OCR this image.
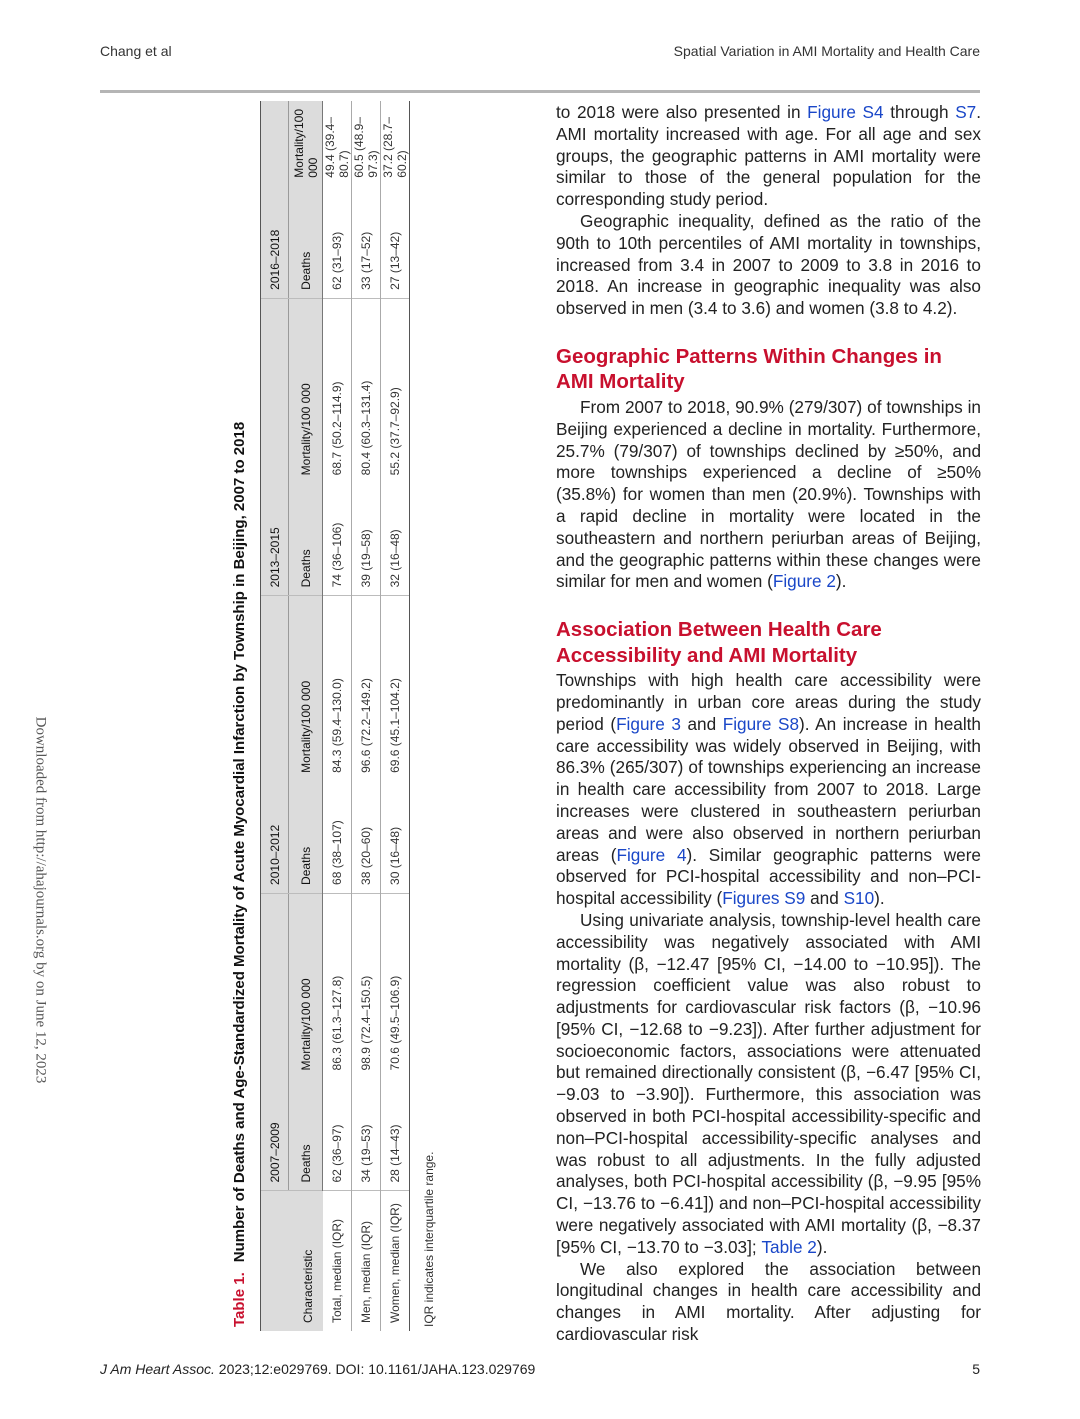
Chang et al	Spatial Variation in AMI Mortality and Health Care
Downloaded from http://ahajournals.org by on June 12, 2023
Table 1.Number of Deaths and Age-Standardized Mortality of Acute Myocardial Infarction by Township in Beijing, 2007 to 2018
Characteristic	2007–2009		2010–2012		2013–2015		2016–2018	
	Deaths	Mortality/100 000	Deaths	Mortality/100 000	Deaths	Mortality/100 000	Deaths	Mortality/100 000
Total, median (IQR)	62 (36–97)	86.3 (61.3–127.8)	68 (38–107)	84.3 (59.4–130.0)	74 (36–106)	68.7 (50.2–114.9)	62 (31–93)	49.4 (39.4–80.7)
Men, median (IQR)	34 (19–53)	98.9 (72.4–150.5)	38 (20–60)	96.6 (72.2–149.2)	39 (19–58)	80.4 (60.3–131.4)	33 (17–52)	60.5 (48.9–97.3)
Women, median (IQR)	28 (14–43)	70.6 (49.5–106.9)	30 (16–48)	69.6 (45.1–104.2)	32 (16–48)	55.2 (37.7–92.9)	27 (13–42)	37.2 (28.7–60.2)
IQR indicates interquartile range.

to 2018 were also presented in Figure S4 through S7. AMI mortality increased with age. For all age and sex groups, the geographic patterns in AMI mortality were similar to those of the general population for the corresponding study period.

Geographic inequality, defined as the ratio of the 90th to 10th percentiles of AMI mortality in townships, increased from 3.4 in 2007 to 2009 to 3.8 in 2016 to 2018. An increase in geographic inequality was also observed in men (3.4 to 3.6) and women (3.8 to 4.2).

Geographic Patterns Within Changes in AMI Mortality

From 2007 to 2018, 90.9% (279/307) of townships in Beijing experienced a decline in mortality. Furthermore, 25.7% (79/307) of townships declined by ≥50%, and more townships experienced a decline of ≥50% (35.8%) for women than men (20.9%). Townships with a rapid decline in mortality were located in the southeastern and northern periurban areas of Beijing, and the geographic patterns within these changes were similar for men and women (Figure 2).

Association Between Health Care Accessibility and AMI Mortality

Townships with high health care accessibility were predominantly in urban core areas during the study period (Figure 3 and Figure S8). An increase in health care accessibility was widely observed in Beijing, with 86.3% (265/307) of townships experiencing an increase in health care accessibility from 2007 to 2018. Large increases were clustered in southeastern periurban areas and were also observed in northern periurban areas (Figure 4). Similar geographic patterns were observed for PCI-hospital accessibility and non–PCI-hospital accessibility (Figures S9 and S10).

Using univariate analysis, township-level health care accessibility was negatively associated with AMI mortality (β, −12.47 [95% CI, −14.00 to −10.95]). The regression coefficient value was also robust to adjustments for cardiovascular risk factors (β, −10.96 [95% CI, −12.68 to −9.23]). After further adjustment for socioeconomic factors, associations were attenuated but remained directionally consistent (β, −6.47 [95% CI, −9.03 to −3.90]). Furthermore, this association was observed in both PCI-hospital accessibility-specific and non–PCI-hospital accessibility-specific analyses and was robust to all adjustments. In the fully adjusted analyses, both PCI-hospital accessibility (β, −9.95 [95% CI, −13.76 to −6.41]) and non–PCI-hospital accessibility were negatively associated with AMI mortality (β, −8.37 [95% CI, −13.70 to −3.03]; Table 2).

We also explored the association between longitudinal changes in health care accessibility and changes in AMI mortality. After adjusting for cardiovascular risk

J Am Heart Assoc. 2023;12:e029769. DOI: 10.1161/JAHA.123.029769	5
